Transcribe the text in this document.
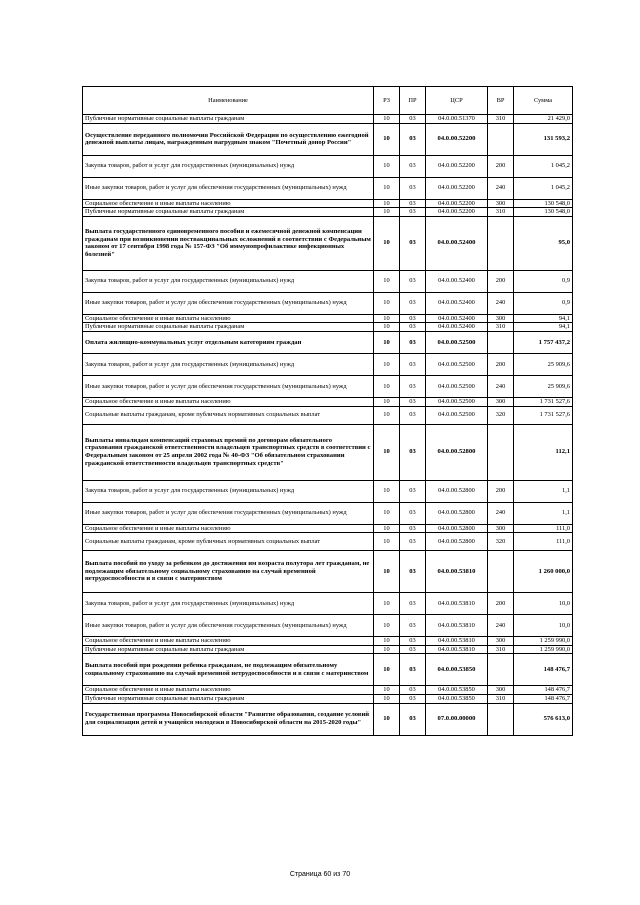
Наименование	РЗ	ПР	ЦСР	ВР	Сумма
Публичные нормативные социальные выплаты гражданам	10	03	04.0.00.51370	310	21 429,0
Осуществление переданного полномочия Российской Федерации по осуществлению ежегодной денежной выплаты лицам, награжденным нагрудным знаком "Почетный донор России"	10	03	04.0.00.52200		131 593,2
Закупка товаров, работ и услуг для государственных (муниципальных) нужд	10	03	04.0.00.52200	200	1 045,2
Иные закупки товаров, работ и услуг для обеспечения государственных (муниципальных) нужд	10	03	04.0.00.52200	240	1 045,2
Социальное обеспечение и иные выплаты населению	10	03	04.0.00.52200	300	130 548,0
Публичные нормативные социальные выплаты гражданам	10	03	04.0.00.52200	310	130 548,0
Выплата государственного единовременного пособия и ежемесячной денежной компенсации гражданам при возникновении поствакцинальных осложнений в соответствии с Федеральным законом от 17 сентября 1998 года № 157-ФЗ "Об иммунопрофилактике инфекционных болезней"	10	03	04.0.00.52400		95,0
Закупка товаров, работ и услуг для государственных (муниципальных) нужд	10	03	04.0.00.52400	200	0,9
Иные закупки товаров, работ и услуг для обеспечения государственных (муниципальных) нужд	10	03	04.0.00.52400	240	0,9
Социальное обеспечение и иные выплаты населению	10	03	04.0.00.52400	300	94,1
Публичные нормативные социальные выплаты гражданам	10	03	04.0.00.52400	310	94,1
Оплата жилищно-коммунальных услуг отдельным категориям граждан	10	03	04.0.00.52500		1 757 437,2
Закупка товаров, работ и услуг для государственных (муниципальных) нужд	10	03	04.0.00.52500	200	25 909,6
Иные закупки товаров, работ и услуг для обеспечения государственных (муниципальных) нужд	10	03	04.0.00.52500	240	25 909,6
Социальное обеспечение и иные выплаты населению	10	03	04.0.00.52500	300	1 731 527,6
Социальные выплаты гражданам, кроме публичных нормативных социальных выплат	10	03	04.0.00.52500	320	1 731 527,6
Выплаты инвалидам компенсаций страховых премий по договорам обязательного страхования гражданской ответственности владельцев транспортных средств в соответствии с Федеральным законом от 25 апреля 2002 года № 40-ФЗ "Об обязательном страховании гражданской ответственности владельцев транспортных средств"	10	03	04.0.00.52800		112,1
Закупка товаров, работ и услуг для государственных (муниципальных) нужд	10	03	04.0.00.52800	200	1,1
Иные закупки товаров, работ и услуг для обеспечения государственных (муниципальных) нужд	10	03	04.0.00.52800	240	1,1
Социальное обеспечение и иные выплаты населению	10	03	04.0.00.52800	300	111,0
Социальные выплаты гражданам, кроме публичных нормативных социальных выплат	10	03	04.0.00.52800	320	111,0
Выплата пособий по уходу за ребенком до достижения им возраста полутора лет гражданам, не подлежащим обязательному социальному страхованию на случай временной нетрудоспособности и в связи с материнством	10	03	04.0.00.53810		1 260 000,0
Закупка товаров, работ и услуг для государственных (муниципальных) нужд	10	03	04.0.00.53810	200	10,0
Иные закупки товаров, работ и услуг для обеспечения государственных (муниципальных) нужд	10	03	04.0.00.53810	240	10,0
Социальное обеспечение и иные выплаты населению	10	03	04.0.00.53810	300	1 259 990,0
Публичные нормативные социальные выплаты гражданам	10	03	04.0.00.53810	310	1 259 990,0
Выплата пособий при рождении ребенка гражданам, не подлежащим обязательному социальному страхованию на случай временной нетрудоспособности и в связи с материнством	10	03	04.0.00.53850		148 476,7
Социальное обеспечение и иные выплаты населению	10	03	04.0.00.53850	300	148 476,7
Публичные нормативные социальные выплаты гражданам	10	03	04.0.00.53850	310	148 476,7
Государственная программа Новосибирской области "Развитие образования, создание условий для социализации детей и учащейся молодежи в Новосибирской области на 2015-2020 годы"	10	03	07.0.00.00000		576 613,0
Страница 60 из 70
